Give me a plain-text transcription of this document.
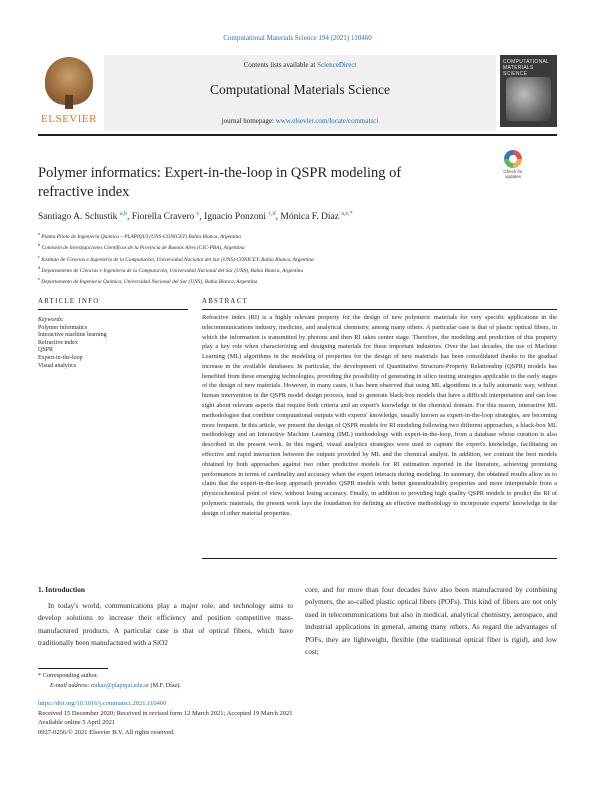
Computational Materials Science 194 (2021) 110460
ELSEVIER
Contents lists available at ScienceDirect
Computational Materials Science
journal homepage: www.elsevier.com/locate/commatsci
COMPUTATIONAL MATERIALS SCIENCE
Polymer informatics: Expert-in-the-loop in QSPR modeling of refractive index
Check for
updates
Santiago A. Schustik $^{a,b}$, Fiorella Cravero $^c$, Ignacio Ponzoni $^{c,d}$, Mónica F. Díaz $^{a,e,*}$
$^a$ Planta Piloto de Ingeniería Química – PLAPIQUI (UNS-CONICET) Bahía Blanca, Argentina
$^b$ Comisión de Investigaciones Científicas de la Provincia de Buenos Aires (CIC-PBA), Argentina
$^c$ Instituto de Ciencias e Ingeniería de la Computación, Universidad Nacional del Sur (UNS)-CONICET, Bahía Blanca, Argentina
$^d$ Departamento de Ciencias e Ingeniería de la Computación, Universidad Nacional del Sur (UNS), Bahía Blanca, Argentina
$^e$ Departamento de Ingeniería Química, Universidad Nacional del Sur (UNS), Bahía Blanca, Argentina
ARTICLE INFO	ABSTRACT
Keywords:
Polymer informatics
Interactive machine learning
Refractive index
QSPR
Expert-in-the-loop
Visual analytics
Refractive index (RI) is a highly relevant property for the design of new polymeric materials for very specific applications in the telecommunications industry, medicine, and analytical chemistry, among many others. A particular case is that of plastic optical fibers, in which the information is transmitted by photons and then RI takes center stage. Therefore, the modeling and prediction of this property play a key role when characterizing and designing materials for these important industries. Over the last decades, the use of Machine Learning (ML) algorithms in the modeling of properties for the design of new materials has been consolidated thanks to the gradual increase in the available databases. In particular, the development of Quantitative Structure-Property Relationship (QSPR) models has benefited from these emerging technologies, providing the possibility of generating in silico testing strategies applicable to the early stages of the design of new materials. However, in many cases, it has been observed that using ML algorithms in a fully automatic way, without human intervention in the QSPR model design process, tend to generate black-box models that have a difficult interpretation and can lose sight about relevant aspects that require both criteria and an expert's knowledge in the chemical domain. For this reason, interactive ML methodologies that combine computational outputs with experts' knowledge, usually known as expert-in-the-loop strategies, are becoming more frequent. In this article, we present the design of QSPR models for RI modeling following two different approaches, a black-box ML methodology and an Interactive Machine Learning (IML) methodology with expert-in-the-loop, from a database whose curation is also described in the present work. In this regard, visual analytics strategies were used to capture the expert's knowledge, facilitating an effective and rapid interaction between the outputs provided by ML and the chemical analyst. In addition, we contrast the best models obtained by both approaches against two other predictive models for RI estimation reported in the literature, achieving promising performances in terms of cardinality and accuracy when the expert interacts during modeling. In summary, the obtained results allow us to claim that the expert-in-the-loop approach provides QSPR models with better generalizability properties and more interpretable from a physicochemical point of view, without losing accuracy. Finally, in addition to providing high quality QSPR models to predict the RI of polymeric materials, the present work lays the foundation for defining an effective methodology to incorporate experts' knowledge in the design of other material properties.
1. Introduction
In today's world, communications play a major role, and technology aims to develop solutions to increase their efficiency and position competitive mass-manufactured products. A particular case is that of optical fibers, which have traditionally been manufactured with a SiO2
core, and for more than four decades have also been manufactured by combining polymers, the so-called plastic optical fibers (POFs). This kind of fibers are not only used in telecommunications but also in medical, analytical chemistry, aerospace, and industrial applications in general, among many others. As regard the advantages of POFs, they are lightweight, flexible (the traditional optical fiber is rigid), and low cost;
* Corresponding author.
E-mail address: mdiaz@plapiqui.edu.ar (M.F. Díaz).
https://doi.org/10.1016/j.commatsci.2021.110460
Received 15 December 2020; Received in revised form 12 March 2021; Accepted 19 March 2021
Available online 5 April 2021
0927-0256/© 2021 Elsevier B.V. All rights reserved.
